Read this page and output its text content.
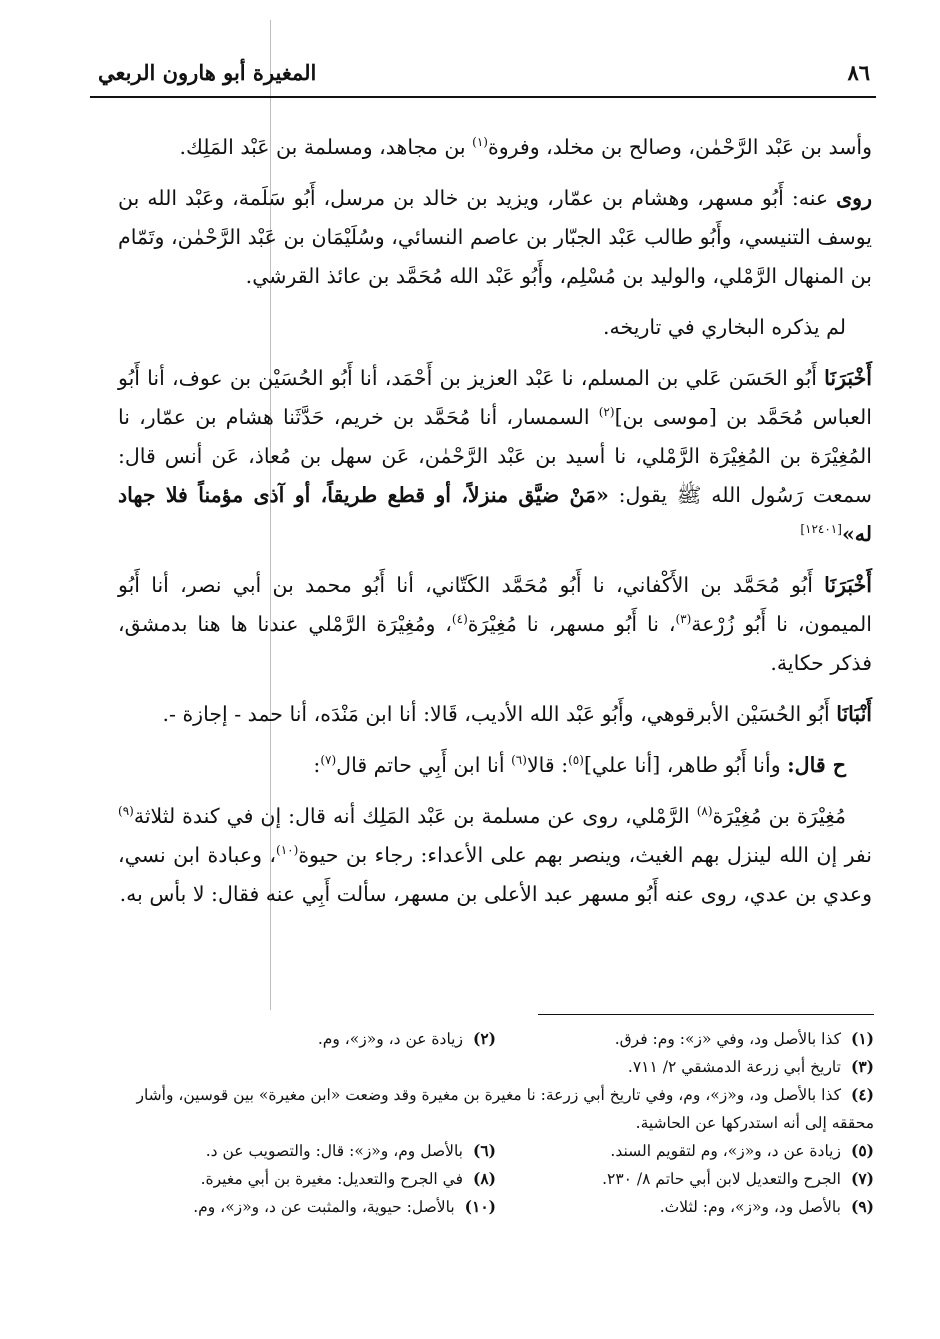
٨٦
المغيرة أبو هارون الربعي

وأسد بن عَبْد الرَّحْمٰن، وصالح بن مخلد، وفروة$^{(١)}$ بن مجاهد، ومسلمة بن عَبْد المَلِك.

روى عنه: أَبُو مسهر، وهشام بن عمّار، ويزيد بن خالد بن مرسل، أَبُو سَلَمة، وعَبْد الله بن يوسف التنيسي، وأَبُو طالب عَبْد الجبّار بن عاصم النسائي، وسُلَيْمَان بن عَبْد الرَّحْمٰن، وتَمّام بن المنهال الرَّمْلي، والوليد بن مُسْلِم، وأَبُو عَبْد الله مُحَمَّد بن عائذ القرشي.

لم يذكره البخاري في تاريخه.

أَخْبَرَنَا أَبُو الحَسَن عَلي بن المسلم، نا عَبْد العزيز بن أَحْمَد، أنا أَبُو الحُسَيْن بن عوف، أنا أَبُو العباس مُحَمَّد بن [موسى بن]$^{(٢)}$ السمسار، أنا مُحَمَّد بن خريم، حَدَّثَنا هشام بن عمّار، نا المُغِيْرَة بن المُغِيْرَة الرَّمْلي، نا أسيد بن عَبْد الرَّحْمٰن، عَن سهل بن مُعاذ، عَن أنس قال: سمعت رَسُول الله ﷺ يقول: «مَنْ ضيَّق منزلاً، أو قطع طريقاً، أو آذى مؤمناً فلا جهاد له»[١٢٤٠١]

أَخْبَرَنَا أَبُو مُحَمَّد بن الأَكْفاني، نا أَبُو مُحَمَّد الكَتّاني، أنا أَبُو محمد بن أبي نصر، أنا أَبُو الميمون، نا أَبُو زُرْعة$^{(٣)}$، نا أَبُو مسهر، نا مُغِيْرَة$^{(٤)}$، ومُغِيْرَة الرَّمْلي عندنا ها هنا بدمشق، فذكر حكاية.

أَنْبَانَا أَبُو الحُسَيْن الأبرقوهي، وأَبُو عَبْد الله الأديب، قَالا: أنا ابن مَنْدَه، أنا حمد - إجازة -.

ح قال: وأنا أَبُو طاهر، [أنا علي]$^{(٥)}$: قالا$^{(٦)}$ أنا ابن أَبِي حاتم قال$^{(٧)}$:

مُغِيْرَة بن مُغِيْرَة$^{(٨)}$ الرَّمْلي، روى عن مسلمة بن عَبْد المَلِك أنه قال: إن في كندة لثلاثة$^{(٩)}$ نفر إن الله لينزل بهم الغيث، وينصر بهم على الأعداء: رجاء بن حيوة$^{(١٠)}$، وعبادة ابن نسي، وعدي بن عدي، روى عنه أَبُو مسهر عبد الأعلى بن مسهر، سألت أَبِي عنه فقال: لا بأس به.

(١)كذا بالأصل ود، وفي «ز»: وم: فرق.
(٢)زيادة عن د، و«ز»، وم.
(٣)تاريخ أبي زرعة الدمشقي ٢/ ٧١١.
(٤)كذا بالأصل ود، و«ز»، وم، وفي تاريخ أبي زرعة: نا مغيرة بن مغيرة وقد وضعت «ابن مغيرة» بين قوسين، وأشار محققه إلى أنه استدركها عن الحاشية.
(٥)زيادة عن د، و«ز»، وم لتقويم السند.
(٦)بالأصل وم، و«ز»: قال: والتصويب عن د.
(٧)الجرح والتعديل لابن أبي حاتم ٨/ ٢٣٠.
(٨)في الجرح والتعديل: مغيرة بن أبي مغيرة.
(٩)بالأصل ود، و«ز»، وم: لثلاث.
(١٠)بالأصل: حيوية، والمثبت عن د، و«ز»، وم.
